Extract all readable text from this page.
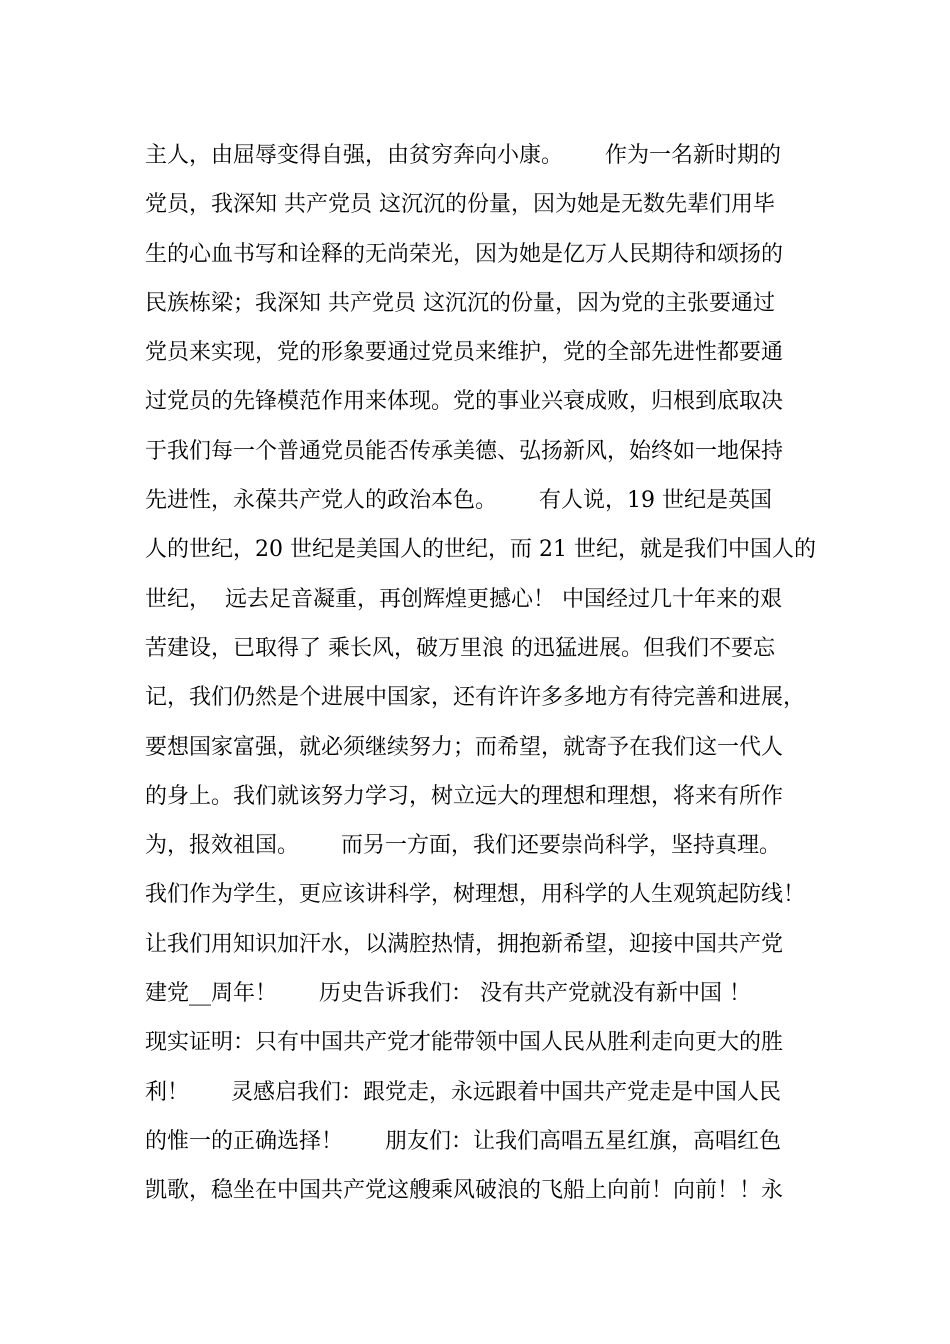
主人，由屈辱变得自强，由贫穷奔向小康。      作为一名新时期的
党员，我深知 共产党员 这沉沉的份量，因为她是无数先辈们用毕
生的心血书写和诠释的无尚荣光，因为她是亿万人民期待和颂扬的
民族栋梁；我深知 共产党员 这沉沉的份量，因为党的主张要通过
党员来实现，党的形象要通过党员来维护，党的全部先进性都要通
过党员的先锋模范作用来体现。党的事业兴衰成败，归根到底取决
于我们每一个普通党员能否传承美德、弘扬新风，始终如一地保持
先进性，永葆共产党人的政治本色。      有人说，19 世纪是英国
人的世纪，20 世纪是美国人的世纪，而 21 世纪，就是我们中国人的
世纪，  远去足音凝重，再创辉煌更撼心！ 中国经过几十年来的艰
苦建设，已取得了 乘长风，破万里浪 的迅猛进展。但我们不要忘
记，我们仍然是个进展中国家，还有许许多多地方有待完善和进展，
要想国家富强，就必须继续努力；而希望，就寄予在我们这一代人
的身上。我们就该努力学习，树立远大的理想和理想，将来有所作
为，报效祖国。      而另一方面，我们还要崇尚科学，坚持真理。
我们作为学生，更应该讲科学，树理想，用科学的人生观筑起防线！
让我们用知识加汗水，以满腔热情，拥抱新希望，迎接中国共产党
建党__周年！      历史告诉我们： 没有共产党就没有新中国 ！
现实证明：只有中国共产党才能带领中国人民从胜利走向更大的胜
利！      灵感启我们：跟党走，永远跟着中国共产党走是中国人民
的惟一的正确选择！      朋友们：让我们高唱五星红旗，高唱红色
凯歌，稳坐在中国共产党这艘乘风破浪的飞船上向前！向前！！永
